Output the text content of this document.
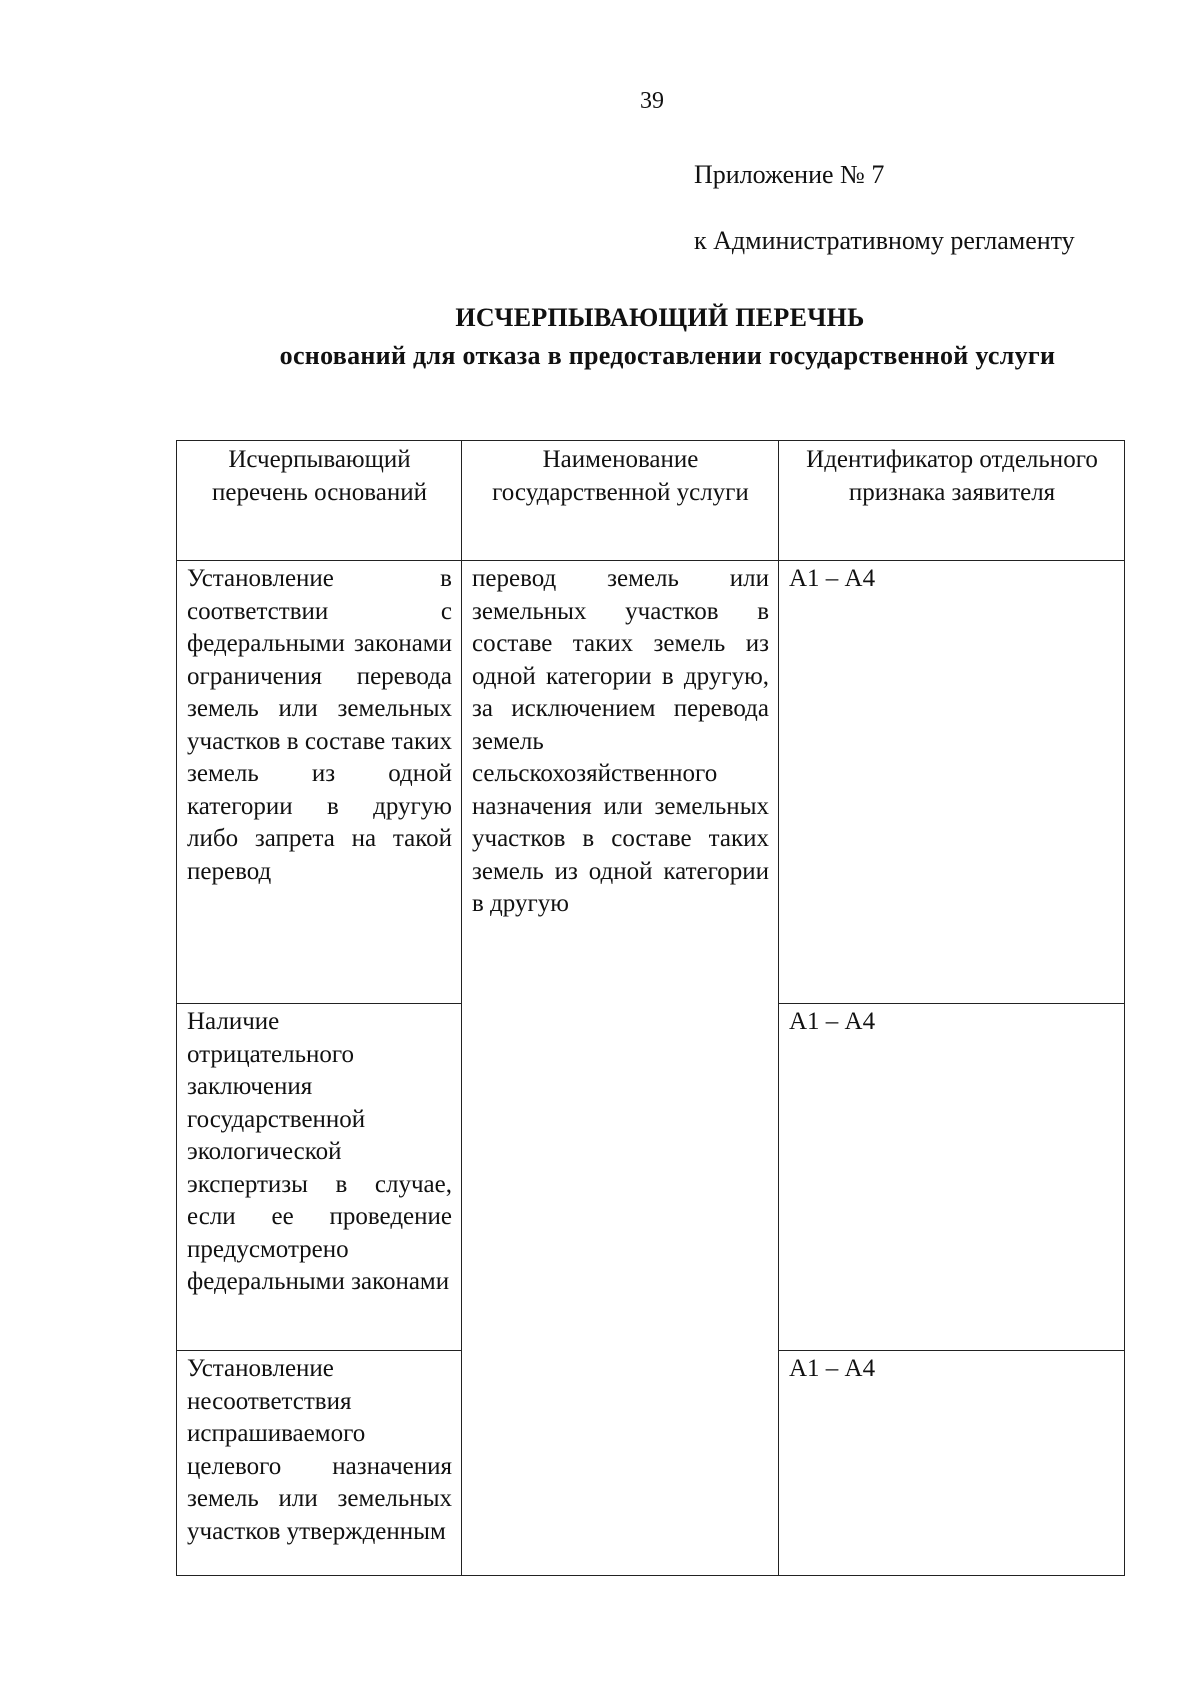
39
Приложение № 7
к Административному регламенту
ИСЧЕРПЫВАЮЩИЙ ПЕРЕЧНЬ
оснований для отказа в предоставлении государственной услуги
Исчерпывающий перечень оснований	Наименование государственной услуги	Идентификатор отдельного признака заявителя
Установление в соответствии с федеральными законами ограничения перевода земель или земельных участков в составе таких земель из одной категории в другую либо запрета на такой перевод	перевод земель или земельных участков в составе таких земель из одной категории в другую, за исключением перевода земель сельскохозяйственного назначения или земельных участков в составе таких земель из одной категории в другую	А1 – А4
Наличие отрицательного заключения государственной экологической экспертизы в случае, если ее проведение предусмотрено федеральными законами		А1 – А4
Установление несоответствия испрашиваемого целевого назначения земель или земельных участков утвержденным		А1 – А4
